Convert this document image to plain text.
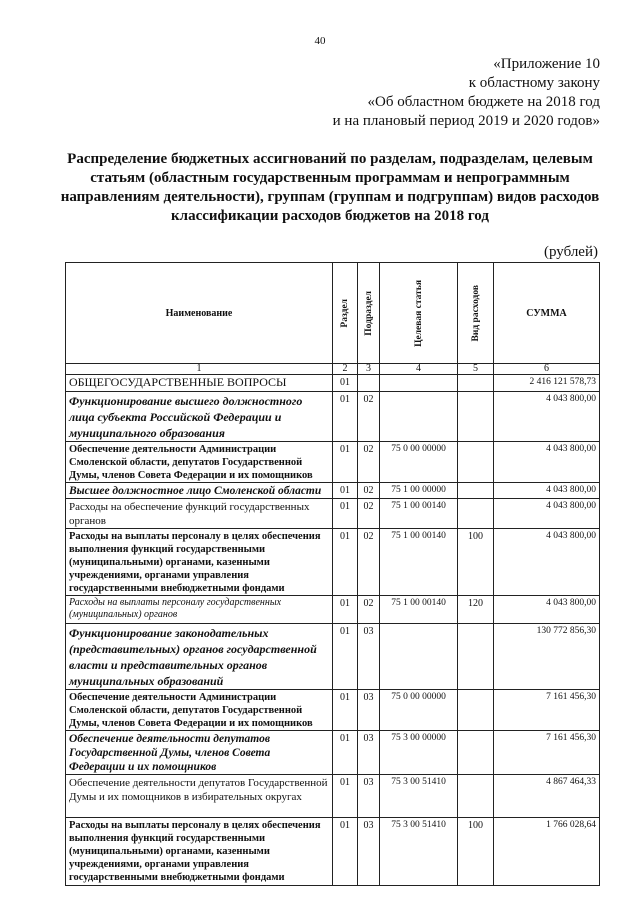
40
«Приложение 10
к областному закону
«Об областном бюджете на 2018 год
и на плановый период 2019 и 2020 годов»
Распределение бюджетных ассигнований по разделам, подразделам, целевым статьям (областным государственным программам и непрограммным направлениям деятельности), группам (группам и подгруппам) видов расходов классификации расходов бюджетов на 2018 год
(рублей)
Наименование	Раздел	Подраздел	Целевая статья	Вид расходов	СУММА
1	2	3	4	5	6
ОБЩЕГОСУДАРСТВЕННЫЕ ВОПРОСЫ	01				2 416 121 578,73
Функционирование высшего должностного лица субъекта Российской Федерации и муниципального образования	01	02			4 043 800,00
Обеспечение деятельности Администрации Смоленской области, депутатов Государственной Думы, членов Совета Федерации и их помощников	01	02	75 0 00 00000		4 043 800,00
Высшее должностное лицо Смоленской области	01	02	75 1 00 00000		4 043 800,00
Расходы на обеспечение функций государственных органов	01	02	75 1 00 00140		4 043 800,00
Расходы на выплаты персоналу в целях обеспечения выполнения функций государственными (муниципальными) органами, казенными учреждениями, органами управления государственными внебюджетными фондами	01	02	75 1 00 00140	100	4 043 800,00
Расходы на выплаты персоналу государственных (муниципальных) органов	01	02	75 1 00 00140	120	4 043 800,00
Функционирование законодательных (представительных) органов государственной власти и представительных органов муниципальных образований	01	03			130 772 856,30
Обеспечение деятельности Администрации Смоленской области, депутатов Государственной Думы, членов Совета Федерации и их помощников	01	03	75 0 00 00000		7 161 456,30
Обеспечение деятельности депутатов Государственной Думы, членов Совета Федерации и их помощников	01	03	75 3 00 00000		7 161 456,30
Обеспечение деятельности депутатов Государственной Думы и их помощников в избирательных округах	01	03	75 3 00 51410		4 867 464,33
Расходы на выплаты персоналу в целях обеспечения выполнения функций государственными (муниципальными) органами, казенными учреждениями, органами управления государственными внебюджетными фондами	01	03	75 3 00 51410	100	1 766 028,64
